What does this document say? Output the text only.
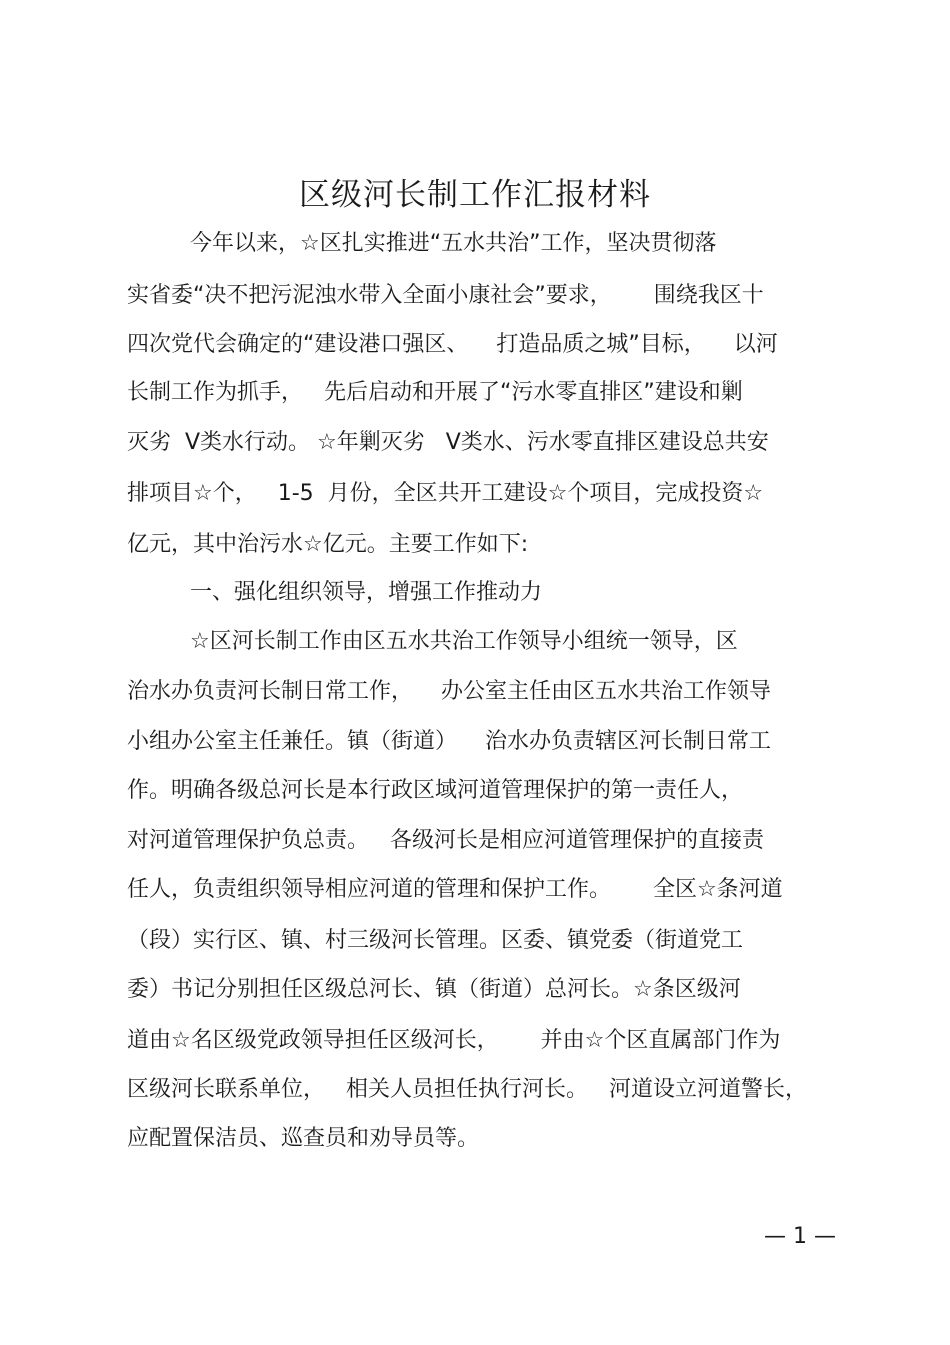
区级河长制工作汇报材料
今年以来，☆区扎实推进“五水共治”工作，坚决贯彻落
实省委“决不把污泥浊水带入全面小康社会”要求，      围绕我区十
四次党代会确定的“建设港口强区、    打造品质之城”目标，    以河
长制工作为抓手，   先后启动和开展了“污水零直排区”建设和剿
灭劣  Ⅴ类水行动。 ☆年剿灭劣   Ⅴ类水、污水零直排区建设总共安
排项目☆个，   1-5  月份，全区共开工建设☆个项目，完成投资☆
亿元，其中治污水☆亿元。主要工作如下:
一、强化组织领导，增强工作推动力
☆区河长制工作由区五水共治工作领导小组统一领导，区
治水办负责河长制日常工作，    办公室主任由区五水共治工作领导
小组办公室主任兼任。镇（街道）    治水办负责辖区河长制日常工
作。明确各级总河长是本行政区域河道管理保护的第一责任人，
对河道管理保护负总责。   各级河长是相应河道管理保护的直接责
任人，负责组织领导相应河道的管理和保护工作。      全区☆条河道
（段）实行区、镇、村三级河长管理。区委、镇党委（街道党工
委）书记分别担任区级总河长、镇（街道）总河长。☆条区级河
道由☆名区级党政领导担任区级河长，      并由☆个区直属部门作为
区级河长联系单位，   相关人员担任执行河长。   河道设立河道警长，
应配置保洁员、巡查员和劝导员等。
— 1 —
